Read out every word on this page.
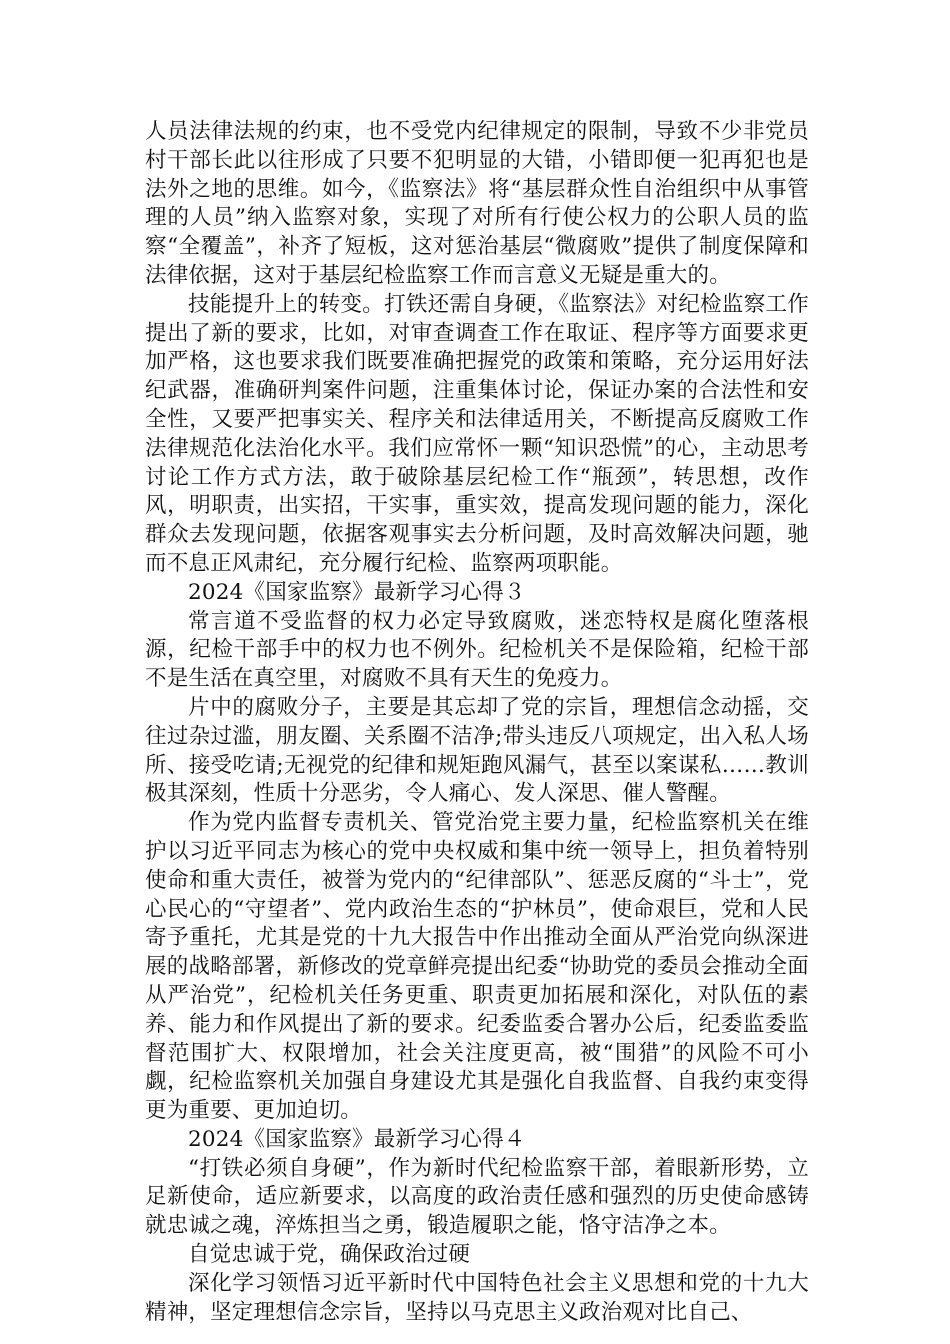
人员法律法规的约束，也不受党内纪律规定的限制，导致不少非党员村干部长此以往形成了只要不犯明显的大错，小错即便一犯再犯也是法外之地的思维。如今，《监察法》将“基层群众性自治组织中从事管理的人员”纳入监察对象，实现了对所有行使公权力的公职人员的监察“全覆盖”，补齐了短板，这对惩治基层“微腐败”提供了制度保障和法律依据，这对于基层纪检监察工作而言意义无疑是重大的。

技能提升上的转变。打铁还需自身硬，《监察法》对纪检监察工作提出了新的要求，比如，对审查调查工作在取证、程序等方面要求更加严格，这也要求我们既要准确把握党的政策和策略，充分运用好法纪武器，准确研判案件问题，注重集体讨论，保证办案的合法性和安全性，又要严把事实关、程序关和法律适用关，不断提高反腐败工作法律规范化法治化水平。我们应常怀一颗“知识恐慌”的心，主动思考讨论工作方式方法，敢于破除基层纪检工作“瓶颈”，转思想，改作风，明职责，出实招，干实事，重实效，提高发现问题的能力，深化群众去发现问题，依据客观事实去分析问题，及时高效解决问题，驰而不息正风肃纪，充分履行纪检、监察两项职能。

2024《国家监察》最新学习心得３

常言道不受监督的权力必定导致腐败，迷恋特权是腐化堕落根源，纪检干部手中的权力也不例外。纪检机关不是保险箱，纪检干部不是生活在真空里，对腐败不具有天生的免疫力。

片中的腐败分子，主要是其忘却了党的宗旨，理想信念动摇，交往过杂过滥，朋友圈、关系圈不洁净;带头违反八项规定，出入私人场所、接受吃请;无视党的纪律和规矩跑风漏气，甚至以案谋私……教训极其深刻，性质十分恶劣，令人痛心、发人深思、催人警醒。

作为党内监督专责机关、管党治党主要力量，纪检监察机关在维护以习近平同志为核心的党中央权威和集中统一领导上，担负着特别使命和重大责任，被誉为党内的“纪律部队”、惩恶反腐的“斗士”，党心民心的“守望者”、党内政治生态的“护林员”，使命艰巨，党和人民寄予重托，尤其是党的十九大报告中作出推动全面从严治党向纵深进展的战略部署，新修改的党章鲜亮提出纪委“协助党的委员会推动全面从严治党”，纪检机关任务更重、职责更加拓展和深化，对队伍的素养、能力和作风提出了新的要求。纪委监委合署办公后，纪委监委监督范围扩大、权限增加，社会关注度更高，被“围猎”的风险不可小觑，纪检监察机关加强自身建设尤其是强化自我监督、自我约束变得更为重要、更加迫切。

2024《国家监察》最新学习心得４

“打铁必须自身硬”，作为新时代纪检监察干部，着眼新形势，立足新使命，适应新要求，以高度的政治责任感和强烈的历史使命感铸就忠诚之魂，淬炼担当之勇，锻造履职之能，恪守洁净之本。

自觉忠诚于党，确保政治过硬

深化学习领悟习近平新时代中国特色社会主义思想和党的十九大精神，坚定理想信念宗旨，坚持以马克思主义政治观对比自己、
